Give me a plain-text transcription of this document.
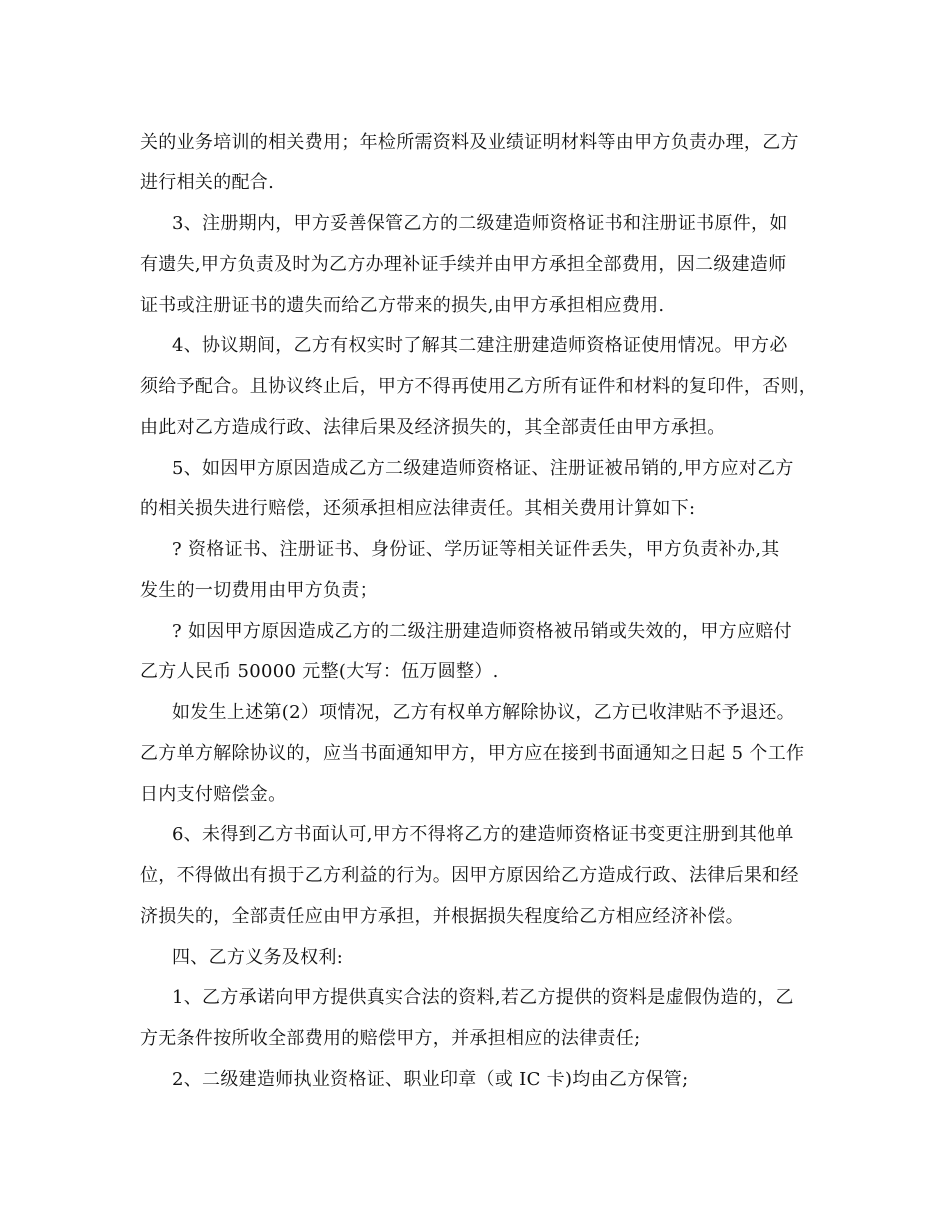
关的业务培训的相关费用；年检所需资料及业绩证明材料等由甲方负责办理，乙方
进行相关的配合.
3、注册期内，甲方妥善保管乙方的二级建造师资格证书和注册证书原件，如
有遗失,甲方负责及时为乙方办理补证手续并由甲方承担全部费用，因二级建造师
证书或注册证书的遗失而给乙方带来的损失,由甲方承担相应费用.
4、协议期间，乙方有权实时了解其二建注册建造师资格证使用情况。甲方必
须给予配合。且协议终止后，甲方不得再使用乙方所有证件和材料的复印件，否则，
由此对乙方造成行政、法律后果及经济损失的，其全部责任由甲方承担。
5、如因甲方原因造成乙方二级建造师资格证、注册证被吊销的,甲方应对乙方
的相关损失进行赔偿，还须承担相应法律责任。其相关费用计算如下:
? 资格证书、注册证书、身份证、学历证等相关证件丢失，甲方负责补办,其
发生的一切费用由甲方负责；
? 如因甲方原因造成乙方的二级注册建造师资格被吊销或失效的，甲方应赔付
乙方人民币 50000 元整(大写：伍万圆整）.
如发生上述第(2）项情况，乙方有权单方解除协议，乙方已收津贴不予退还。
乙方单方解除协议的，应当书面通知甲方，甲方应在接到书面通知之日起 5 个工作
日内支付赔偿金。
6、未得到乙方书面认可,甲方不得将乙方的建造师资格证书变更注册到其他单
位，不得做出有损于乙方利益的行为。因甲方原因给乙方造成行政、法律后果和经
济损失的，全部责任应由甲方承担，并根据损失程度给乙方相应经济补偿。
四、乙方义务及权利:
1、乙方承诺向甲方提供真实合法的资料,若乙方提供的资料是虚假伪造的，乙
方无条件按所收全部费用的赔偿甲方，并承担相应的法律责任;
2、二级建造师执业资格证、职业印章（或 IC 卡)均由乙方保管;
